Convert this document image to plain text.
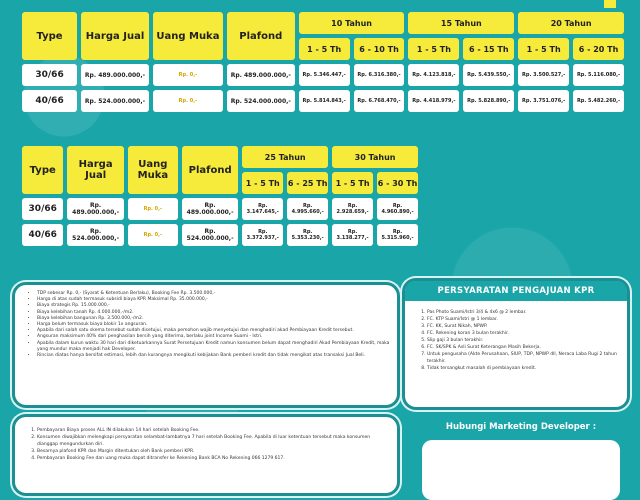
Type	Harga Jual	Uang Muka	Plafond	10 Tahun		15 Tahun		20 Tahun	
				1 - 5 Th	6 - 10 Th	1 - 5 Th	6 - 15 Th	1 - 5 Th	6 - 20 Th
30/66	Rp. 489.000.000,-	Rp. 0,-	Rp. 489.000.000,-	Rp. 5.346.447,-	Rp. 6.316.380,-	Rp. 4.123.818,-	Rp. 5.439.550,-	Rp. 3.500.527,-	Rp. 5.116.080,-
40/66	Rp. 524.000.000,-	Rp. 0,-	Rp. 524.000.000,-	Rp. 5.814.843,-	Rp. 6.768.470,-	Rp. 4.418.979,-	Rp. 5.828.890,-	Rp. 3.751.076,-	Rp. 5.482.260,-
Type	Harga Jual	Uang Muka	Plafond	25 Tahun		30 Tahun	
				1 - 5 Th	6 - 25 Th	1 - 5 Th	6 - 30 Th
30/66	Rp. 489.000.000,-	Rp. 0,-	Rp. 489.000.000,-	Rp. 3.147.645,-	Rp. 4.995.660,-	Rp. 2.928.659,-	Rp. 4.960.890,-
40/66	Rp. 524.000.000,-	Rp. 0,-	Rp. 524.000.000,-	Rp. 3.372.937,-	Rp. 5.353.230,-	Rp. 3.138.277,-	Rp. 5.315.960,-
• TDP sebesar Rp. 0,- (Syarat & Ketentuan Berlaku), Booking Fee Rp. 3.500.000,-
• Harga di atas sudah termasuk subsidi biaya KPR Maksimal Rp. 35.000.000,-
• Biaya strategis Rp. 15.000.000,-
• Biaya kelebihan tanah Rp. 4.000.000,-/m2.
• Biaya kelebihan bangunan Rp. 3.500.000,-/m2.
• Harga belum termasuk biaya blokir 1x angsuran.
• Apabila dari salah satu skema tersebut sudah disetujui, maka pemohon wajib menyetujui dan menghadiri akad Pembiayaan Kredit tersebut.
• Angsuran maksimum 40% dari penghasilan bersih yang diterima, berlaku joint Income Suami - Istri.
• Apabila dalam kurun waktu 30 hari dari diketuarkannya Surat Persetujuan Kredit namun konsumen belum dapat menghadiri Akad Pembiayaan Kredit, maka yang mundur maka menjadi hak Developer.
• Rincian diatas hanya bersifat estimasi, lebih dan kurangnya mengikuti kebijakan Bank pemberi kredit dan tidak mengikat atas transaksi Jual Beli.
PERSYARATAN PENGAJUAN KPR
1. Pas Photo Suami/Istri 3/4 & 4x6 @ 2 lembar.
2. FC. KTP Suami/Istri @ 1 lembar.
3. FC. KK, Surat Nikah, NPWP.
4. FC. Rekening koran 3 bulan terakhir.
5. Slip gaji 3 bulan terakhir.
6. FC. SK/SPK & Asli Surat Keterangan Masih Bekerja.
7. Untuk pengusaha (Akte Perusahaan, SIUP, TDP, NPWP dll, Neraca Laba Rugi 2 tahun terakhir.
8. Tidak tersangkut masalah di pembiayaan kredit.
1. Pembayaran Biaya proses ALL IN dilakukan 14 hari setelah Booking Fee.
2. Konsumen diwajibkan melengkapi persyaratan selambat-lambatnya 7 hari setelah Booking Fee. Apabila di luar ketentuan tersebut maka konsumen dianggap mengundurkan diri.
3. Besarnya plafond KPR dan Margin ditentukan oleh Bank pemberi KPR.
4. Pembayaran Booking Fee dan uang muka dapat ditransfer ke Rekening Bank BCA No Rekening 066 1279 617.
Hubungi Marketing Developer :
